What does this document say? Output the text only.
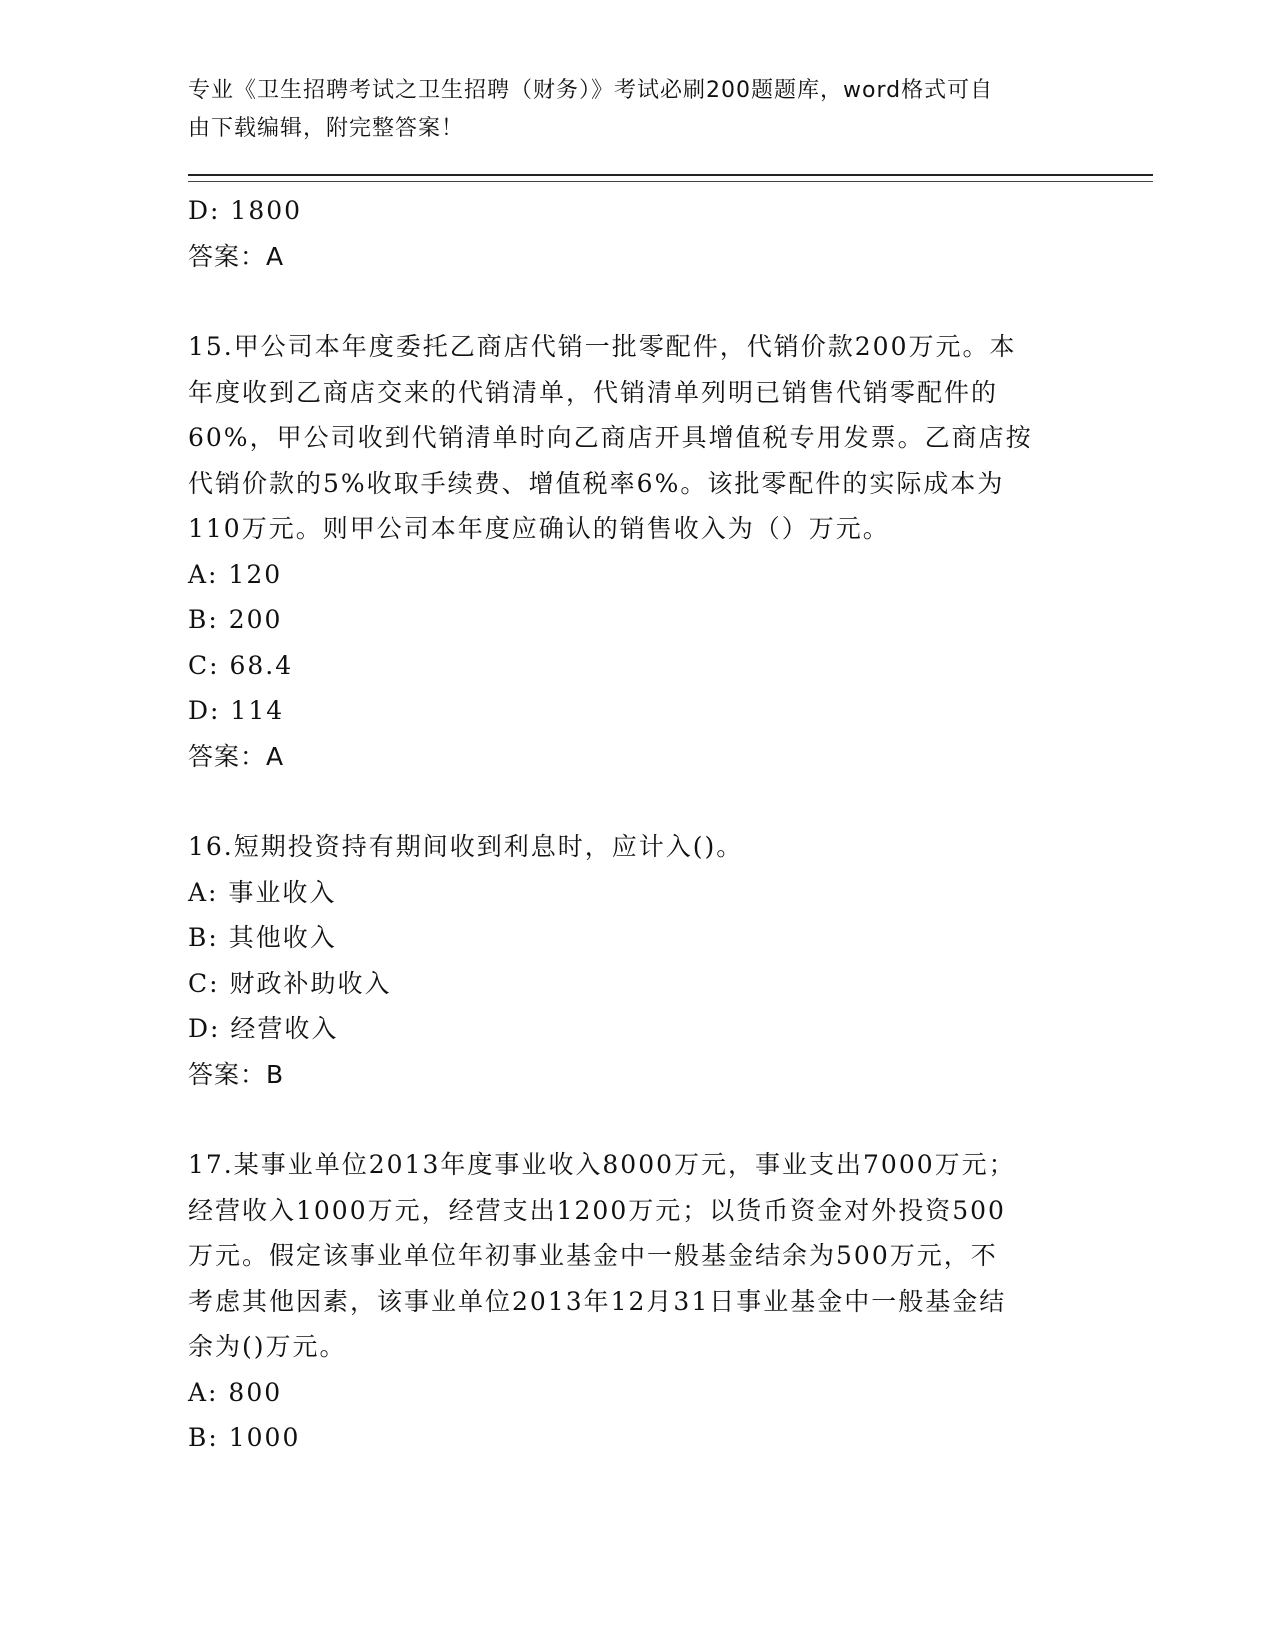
专业《卫生招聘考试之卫生招聘（财务）》考试必刷200题题库，word格式可自
由下载编辑，附完整答案！
D: 1800
答案：A
15.甲公司本年度委托乙商店代销一批零配件，代销价款200万元。本
年度收到乙商店交来的代销清单，代销清单列明已销售代销零配件的
60%，甲公司收到代销清单时向乙商店开具增值税专用发票。乙商店按
代销价款的5%收取手续费、增值税率6%。该批零配件的实际成本为
110万元。则甲公司本年度应确认的销售收入为（）万元。
A: 120
B: 200
C: 68.4
D: 114
答案：A
16.短期投资持有期间收到利息时，应计入()。
A: 事业收入
B: 其他收入
C: 财政补助收入
D: 经营收入
答案：B
17.某事业单位2013年度事业收入8000万元，事业支出7000万元；
经营收入1000万元，经营支出1200万元；以货币资金对外投资500
万元。假定该事业单位年初事业基金中一般基金结余为500万元，不
考虑其他因素，该事业单位2013年12月31日事业基金中一般基金结
余为()万元。
A: 800
B: 1000
